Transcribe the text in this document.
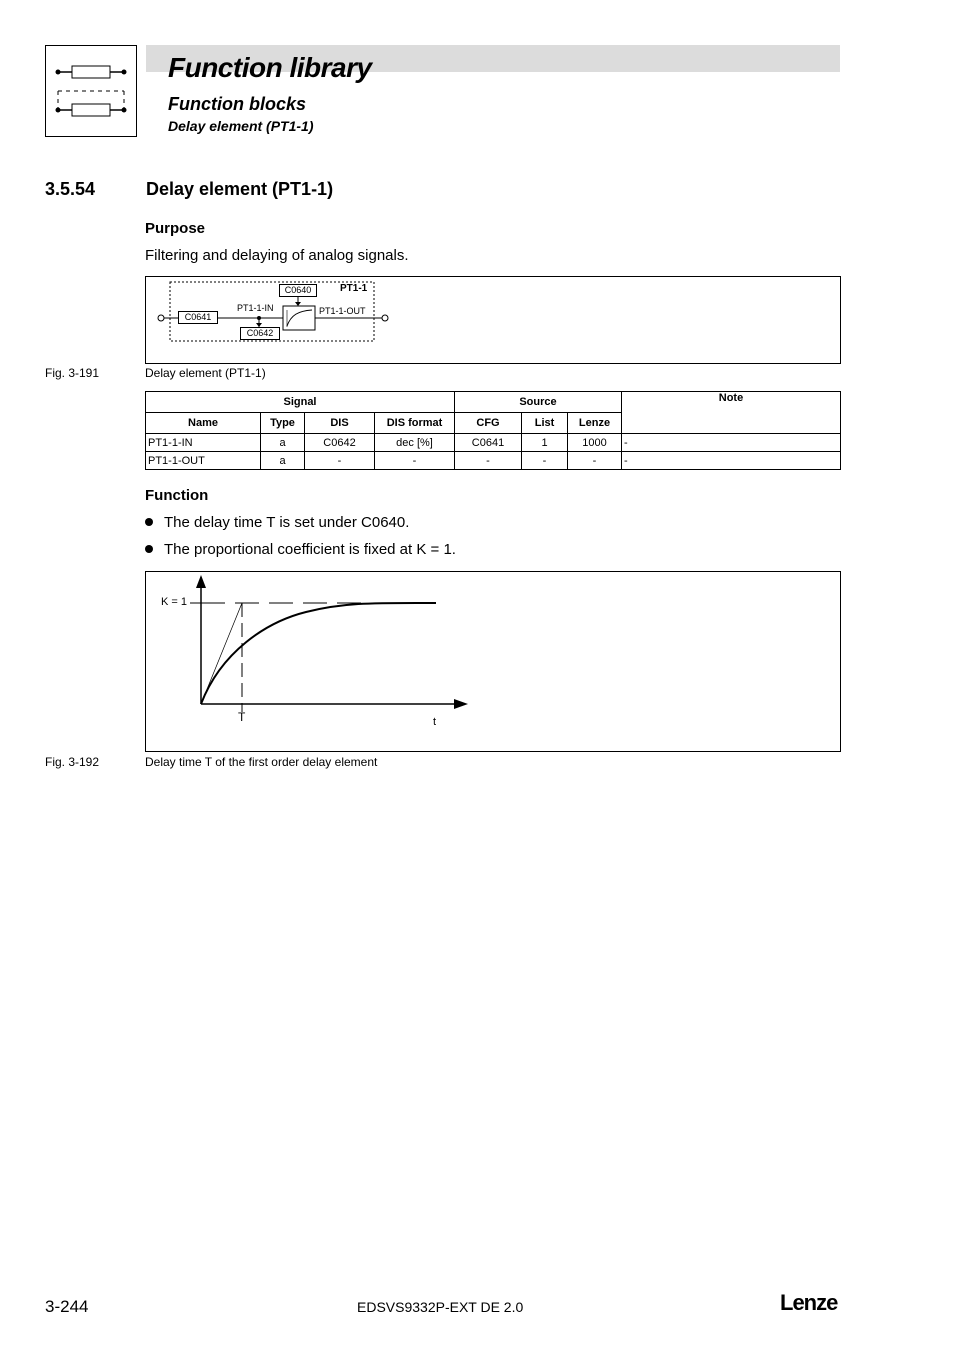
Function library
Function blocks
Delay element (PT1-1)
3.5.54	Delay element (PT1-1)
Purpose
Filtering and delaying of analog signals.
C0640	PT1-1
PT1-1-IN	PT1-1-OUT
C0641
C0642
Fig. 3-191	Delay element (PT1-1)
Signal				Source			Note
Name	Type	DIS	DIS format	CFG	List	Lenze	
PT1-1-IN	a	C0642	dec [%]	C0641	1	1000	-
PT1-1-OUT	a	-	-	-	-	-	-
Function
The delay time T is set under C0640.
The proportional coefficient is fixed at K = 1.
K = 1
T	t
Fig. 3-192	Delay time T of the first order delay element
3-244	EDSVS9332P-EXT DE 2.0	Lenze
